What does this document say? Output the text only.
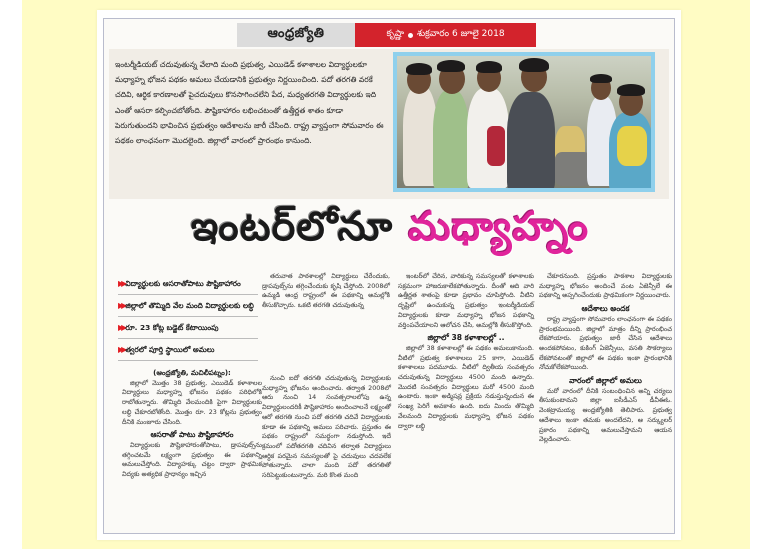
ఆంధ్రజ్యోతి	కృష్ణా శుక్రవారం 6 జూలై 2018
ఇంటర్మీడియట్ చదువుతున్న వేలాది మంది ప్రభుత్వ, ఎయిడెడ్ కళాశాలల విద్యార్థులకూ మధ్యాహ్న భోజన పథకం అమలు చేయడానికి ప్రభుత్వం నిర్ణయించింది. పదో తరగతి వరకే చదివి, ఆర్థిక కారణాలతో పైచదువులు కొనసాగించలేని పేద, మధ్యతరగతి విద్యార్థులకు ఇది ఎంతో ఆసరా కల్పించబోతోంది. పౌష్టికాహారం లభించటంతో ఉత్తీర్ణత శాతం కూడా పెరుగుతుందని భావించిన ప్రభుత్వం ఆదేశాలను జారీ చేసింది. రాష్ట్ర వ్యాప్తంగా సోమవారం ఈ పథకం లాంఛనంగా మొదలైంది. జిల్లాలో వారంలో ప్రారంభం కానుంది.
ఇంటర్‌లోనూ మధ్యాహ్నం
▶▶ విద్యార్థులకు ఆసరాతోపాటు పౌష్టికాహారం
▶▶ జిల్లాలో తొమ్మిది వేల మంది విద్యార్థులకు లబ్ధి
▶▶ రూ. 23 కోట్ల బడ్జెట్ కేటాయింపు
▶▶ త్వరలో పూర్తి స్థాయిలో అమలు
(ఆంధ్రజ్యోతి, మచిలీపట్నం):

జిల్లాలో మొత్తం 38 ప్రభుత్వ, ఎయిడెడ్ కళాశాలల విద్యార్థులు మధ్యాహ్న భోజనం పథకం పరిధిలోకి రాబోతున్నారు. తొమ్మిది వేలమందికి పైగా విద్యార్థులకు లబ్ధి చేకూరబోతోంది. మొత్తం రూ. 23 కోట్లను ప్రభుత్వం దీనికి మంజూరు చేసింది.

ఆసరాతో పాటు పౌష్టికాహారం

విద్యార్థులకు పౌష్టికాహారంతోపాటు, డ్రాపవుట్స్‌ను తగ్గించటమే లక్ష్యంగా ప్రభుత్వం ఈ పథకాన్ని అమలుచేస్తోంది. విద్యాహక్కు చట్టం ద్వారా ప్రాథమిక విద్యకు అత్యధిక ప్రాధాన్యం ఇచ్చిన

తరువాత పాఠశాలల్లో విద్యార్థులు చేరేందుకు, డ్రాపవుట్స్‌ను తగ్గించేందుకు కృషి చేస్తోంది. 2008లో ఉమ్మడి ఆంధ్ర రాష్ట్రంలో ఈ పథకాన్ని అమల్లోకి తీసుకొచ్చారు. ఒకటి తరగతి చదువుతున్న

నుంచి ఐదో తరగతి చదువుతున్న విద్యార్థులకు మధ్యాహ్న భోజనం అందించారు. తర్వాత 2008లో ఆరు నుంచి 14 సంవత్సరాలలోపు ఉన్న విద్యార్థులందరికీ పౌష్టికాహారం అందించాలనే లక్ష్యంతో ఆరో తరగతి నుంచి పదో తరగతి చదివే విద్యార్థులకు కూడా ఈ పథకాన్ని అమలు పరిచారు. ప్రస్తుతం ఈ పథకం రాష్ట్రంలో సమర్థంగా నడుస్తోంది. ఇదే క్రమంలో పదోతరగతి చదివిన తర్వాత విద్యార్థులు ఆర్థిక పరమైన సమస్యలతో పై చదువులు చదవలేక పోతున్నారు. చాలా మంది పదో తరగతితో సరిపెట్టుకుంటున్నారు. మరి కొంత మంది

ఇంటర్‌లో చేరిన, వారికున్న సమస్యలతో కళాశాలకు సక్రమంగా హాజరుకాలేకపోతున్నారు. దీంతో ఆది వారి ఉత్తీర్ణత శాతంపై కూడా ప్రభావం చూపిస్తోంది. వీటిని దృష్టిలో ఉంచుకున్న ప్రభుత్వం ఇంటర్మీడియట్ విద్యార్థులకు కూడా మధ్యాహ్న భోజన పథకాన్ని వర్తింపచేయాలని ఆలోచన చేసి, అమల్లోకి తీసుకొస్తోంది.

జిల్లాలో 38 కళాశాలల్లో ..

జిల్లాలో 38 కళాశాలల్లో ఈ పథకం అమలుకానుంది. వీటిలో ప్రభుత్వ కళాశాలలు 25 కాగా, ఎయిడెడ్ కళాశాలలు పదమూడు. వీటిలో ద్వితీయ సంవత్సరం చదువుతున్న విద్యార్థులు 4500 మంది ఉన్నారు. మొదటి సంవత్సరం విద్యార్థులు మరో 4500 మంది ఉంటారు. ఇంకా అడ్మిషన్ల ప్రక్రియ నడుస్తున్నందున ఈ సంఖ్య పెరిగే అవకాశం ఉంది. ఐదు మిందు తొమ్మిది వేలమంది విద్యార్థులకు మధ్యాహ్న భోజన పథకం ద్వారా లబ్ధి

చేకూరనుంది. ప్రస్తుతం పాఠశాల విద్యార్థులకు మధ్యాహ్న భోజనం అందించే వంట ఏజెన్సీలే ఈ పథకాన్ని అప్పగించేందుకు ప్రాథమికంగా నిర్ణయించారు.

ఆదేశాలు అందక

రాష్ట్ర వ్యాప్తంగా సోమవారం లాంఛనంగా ఈ పథకం ప్రారంభమయింది. జిల్లాలో మాత్రం దీన్ని ప్రారంభించ లేకపోయారు. ప్రభుత్వం జారీ చేసిన ఆదేశాలు అందకపోవటం, కుకింగ్ ఏజెన్సీలు, వసతి సౌకర్యాలు లేకపోవటంతో జిల్లాలో ఈ పథకం ఇంకా ప్రారంభానికి నోచుకోలేకపోయింది.

వారంలో జిల్లాలో అమలు

మరో వారంలో దీనికి సంబంధించిన అన్ని చర్యలు తీసుకుంటామని జిల్లా ఐసీడీఎస్ డీవీఈఓ. వెంకట్రామయ్య ఆంధ్రజ్యోతికి తెలిపారు. ప్రభుత్వ ఆదేశాలు ఇంకా తమకు అందలేదని, ఆ సర్క్యులర్ ప్రకారం పథకాన్ని అమలుచేస్తామని ఆయన వెల్లడించారు.
